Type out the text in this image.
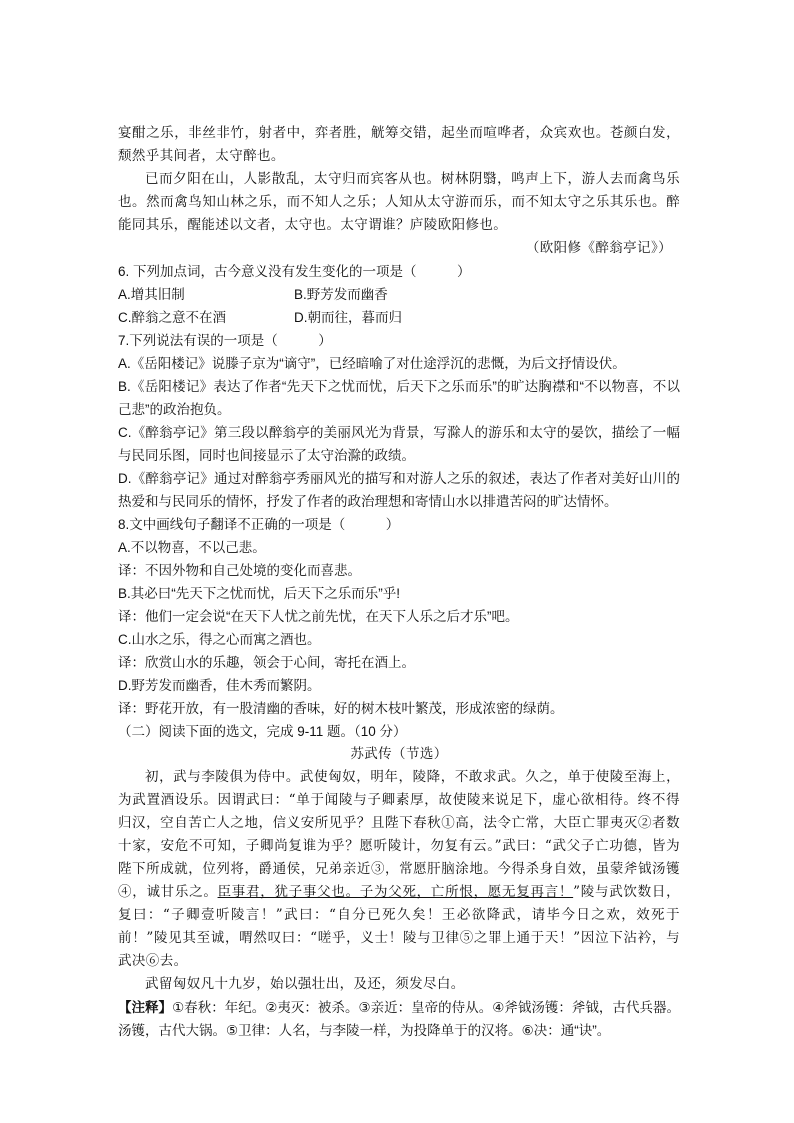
宴酣之乐，非丝非竹，射者中，弈者胜，觥筹交错，起坐而喧哗者，众宾欢也。苍颜白发，颓然乎其间者，太守醉也。

已而夕阳在山，人影散乱，太守归而宾客从也。树林阴翳，鸣声上下，游人去而禽鸟乐也。然而禽鸟知山林之乐，而不知人之乐；人知从太守游而乐，而不知太守之乐其乐也。醉能同其乐，醒能述以文者，太守也。太守谓谁？庐陵欧阳修也。

（欧阳修《醉翁亭记》）

6. 下列加点词，古今意义没有发生变化的一项是（　　　）

A.增其旧制	B.野芳发而幽香
C.醉翁之意不在酒	D.朝而往，暮而归

7.下列说法有误的一项是（　　　）

A.《岳阳楼记》说滕子京为“谪守”，已经暗喻了对仕途浮沉的悲慨，为后文抒情设伏。

B.《岳阳楼记》表达了作者“先天下之忧而忧，后天下之乐而乐”的旷达胸襟和“不以物喜，不以己悲”的政治抱负。

C.《醉翁亭记》第三段以醉翁亭的美丽风光为背景，写滁人的游乐和太守的晏饮，描绘了一幅与民同乐图，同时也间接显示了太守治滁的政绩。

D.《醉翁亭记》通过对醉翁亭秀丽风光的描写和对游人之乐的叙述，表达了作者对美好山川的热爱和与民同乐的情怀，抒发了作者的政治理想和寄情山水以排遣苦闷的旷达情怀。

8.文中画线句子翻译不正确的一项是（　　　）

A.不以物喜，不以己悲。

译：不因外物和自己处境的变化而喜悲。

B.其必曰“先天下之忧而忧，后天下之乐而乐”乎!

译：他们一定会说“在天下人忧之前先忧，在天下人乐之后才乐”吧。

C.山水之乐，得之心而寓之酒也。

译：欣赏山水的乐趣，领会于心间，寄托在酒上。

D.野芳发而幽香，佳木秀而繁阴。

译：野花开放，有一股清幽的香味，好的树木枝叶繁茂，形成浓密的绿荫。

（二）阅读下面的选文，完成 9-11 题。（10 分）

苏武传（节选）

初，武与李陵俱为侍中。武使匈奴，明年，陵降，不敢求武。久之，单于使陵至海上，为武置酒设乐。因谓武曰：“单于闻陵与子卿素厚，故使陵来说足下，虚心欲相待。终不得归汉，空自苦亡人之地，信义安所见乎？且陛下春秋①高，法令亡常，大臣亡罪夷灭②者数十家，安危不可知，子卿尚复谁为乎？愿听陵计，勿复有云。”武曰：“武父子亡功德，皆为陛下所成就，位列将，爵通侯，兄弟亲近③，常愿肝脑涂地。今得杀身自效，虽蒙斧钺汤镬④，诚甘乐之。臣事君，犹子事父也。子为父死，亡所恨，愿无复再言！”陵与武饮数日，复曰：“子卿壹听陵言！”武曰：“自分已死久矣！王必欲降武，请毕今日之欢，效死于前！”陵见其至诚，喟然叹曰：“嗟乎，义士！陵与卫律⑤之罪上通于天！”因泣下沾衿，与武决⑥去。

武留匈奴凡十九岁，始以强壮出，及还，须发尽白。

【注释】①春秋：年纪。②夷灭：被杀。③亲近：皇帝的侍从。④斧钺汤镬：斧钺，古代兵器。汤镬，古代大锅。⑤卫律：人名，与李陵一样，为投降单于的汉将。⑥决：通“诀”。
